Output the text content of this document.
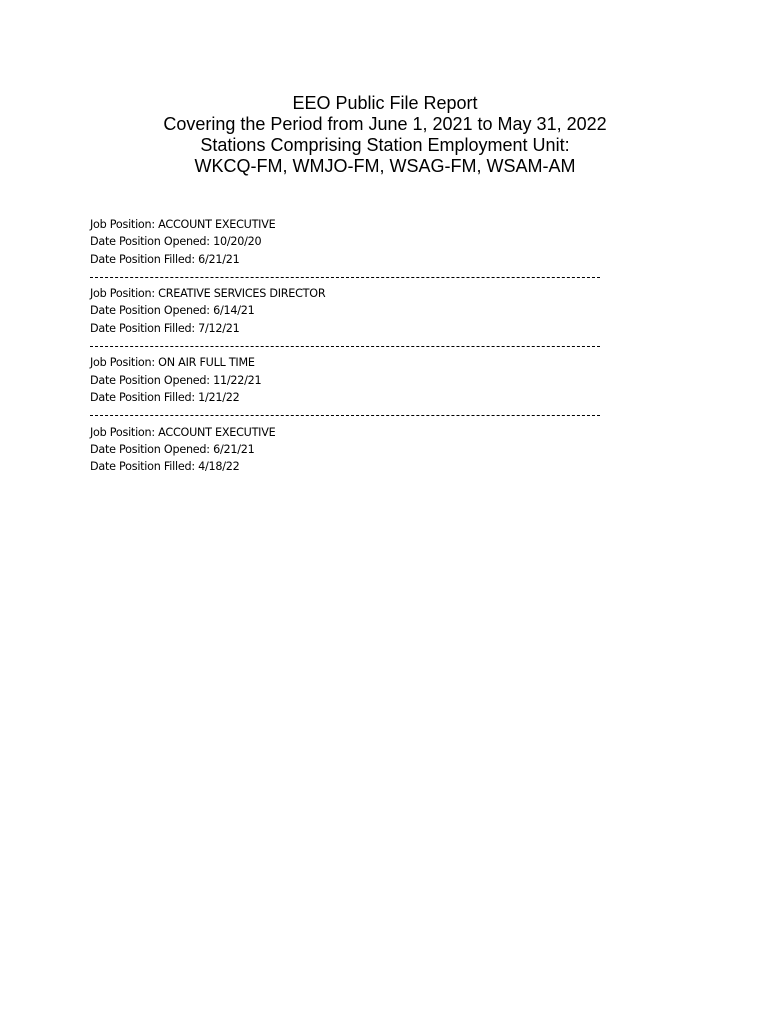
EEO Public File Report
Covering the Period from June 1, 2021 to May 31, 2022
Stations Comprising Station Employment Unit:
WKCQ-FM, WMJO-FM, WSAG-FM, WSAM-AM
Job Position: ACCOUNT EXECUTIVE
Date Position Opened: 10/20/20
Date Position Filled: 6/21/21
Job Position: CREATIVE SERVICES DIRECTOR
Date Position Opened: 6/14/21
Date Position Filled: 7/12/21
Job Position: ON AIR FULL TIME
Date Position Opened: 11/22/21
Date Position Filled: 1/21/22
Job Position: ACCOUNT EXECUTIVE
Date Position Opened: 6/21/21
Date Position Filled: 4/18/22
